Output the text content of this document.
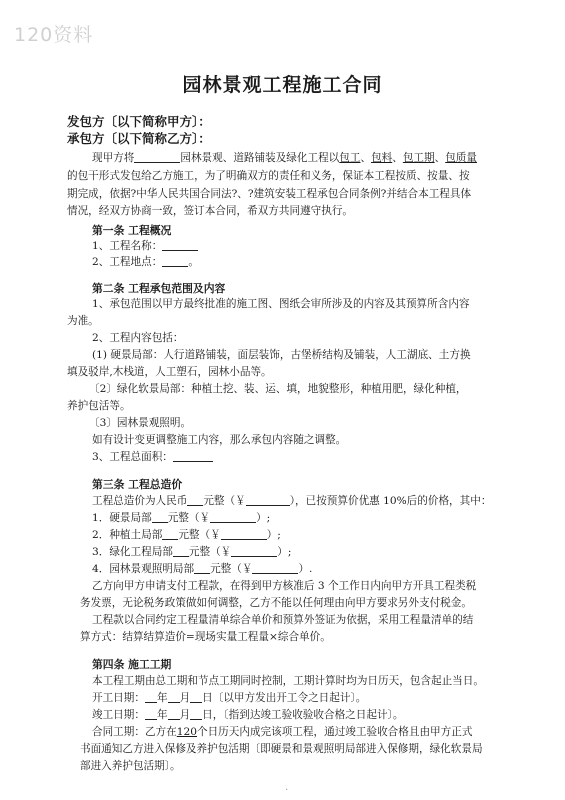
120资料
园林景观工程施工合同
发包方〔以下简称甲方〕：
承包方〔以下简称乙方〕：
现甲方将	园林景观、道路铺装及绿化工程以包工、包料、包工期、包质量
的包干形式发包给乙方施工，为了明确双方的责任和义务，保证本工程按质、按量、按
期完成，依据?中华人民共国合同法?、?建筑安装工程承包合同条例?并结合本工程具体
情况，经双方协商一致，签订本合同，希双方共同遵守执行。
第一条 工程概况
1、工程名称：
2、工程地点： 。
第二条 工程承包范围及内容
1、承包范围以甲方最终批准的施工图、图纸会审所涉及的内容及其预算所含内容
为准。
2、工程内容包括：
(1) 硬景局部：人行道路铺装，面层装饰，古堡桥结构及铺装，人工湖底、土方换
填及驳岸,木栈道，人工塑石，园林小品等。
〔2〕绿化软景局部：种植土挖、装、运、填，地貌整形，种植用肥，绿化种植，
养护包活等。
〔3〕园林景观照明。
如有设计变更调整施工内容，那么承包内容随之调整。
3、工程总面积：
第三条 工程总造价
工程总造价为人民币 元整（￥	），已按预算价优惠 10%后的价格，其中：
1．硬景局部 元整（￥	）;
2．种植土局部 元整（￥	）;
3．绿化工程局部 元整（￥	）;
4．园林景观照明局部 元整（￥	）.
乙方向甲方申请支付工程款，在得到甲方核准后 3 个工作日内向甲方开具工程类税
务发票，无论税务政策做如何调整，乙方不能以任何理由向甲方要求另外支付税金。
工程款以合同约定工程量清单综合单价和预算外签证为依据，采用工程量清单的结
算方式：结算结算造价=现场实量工程量×综合单价。
第四条 施工工期
本工程工期由总工期和节点工期同时控制，工期计算时均为日历天，包含起止当日。
开工日期： 年 月 日〔以甲方发出开工令之日起计〕。
竣工日期： 年 月 日，〔指到达竣工验收验收合格之日起计〕。
合同工期：乙方在120个日历天内成完该项工程，通过竣工验收合格且由甲方正式
书面通知乙方进入保修及养护包活期〔即硬景和景观照明局部进入保修期，绿化软景局
部进入养护包活期〕。
.
